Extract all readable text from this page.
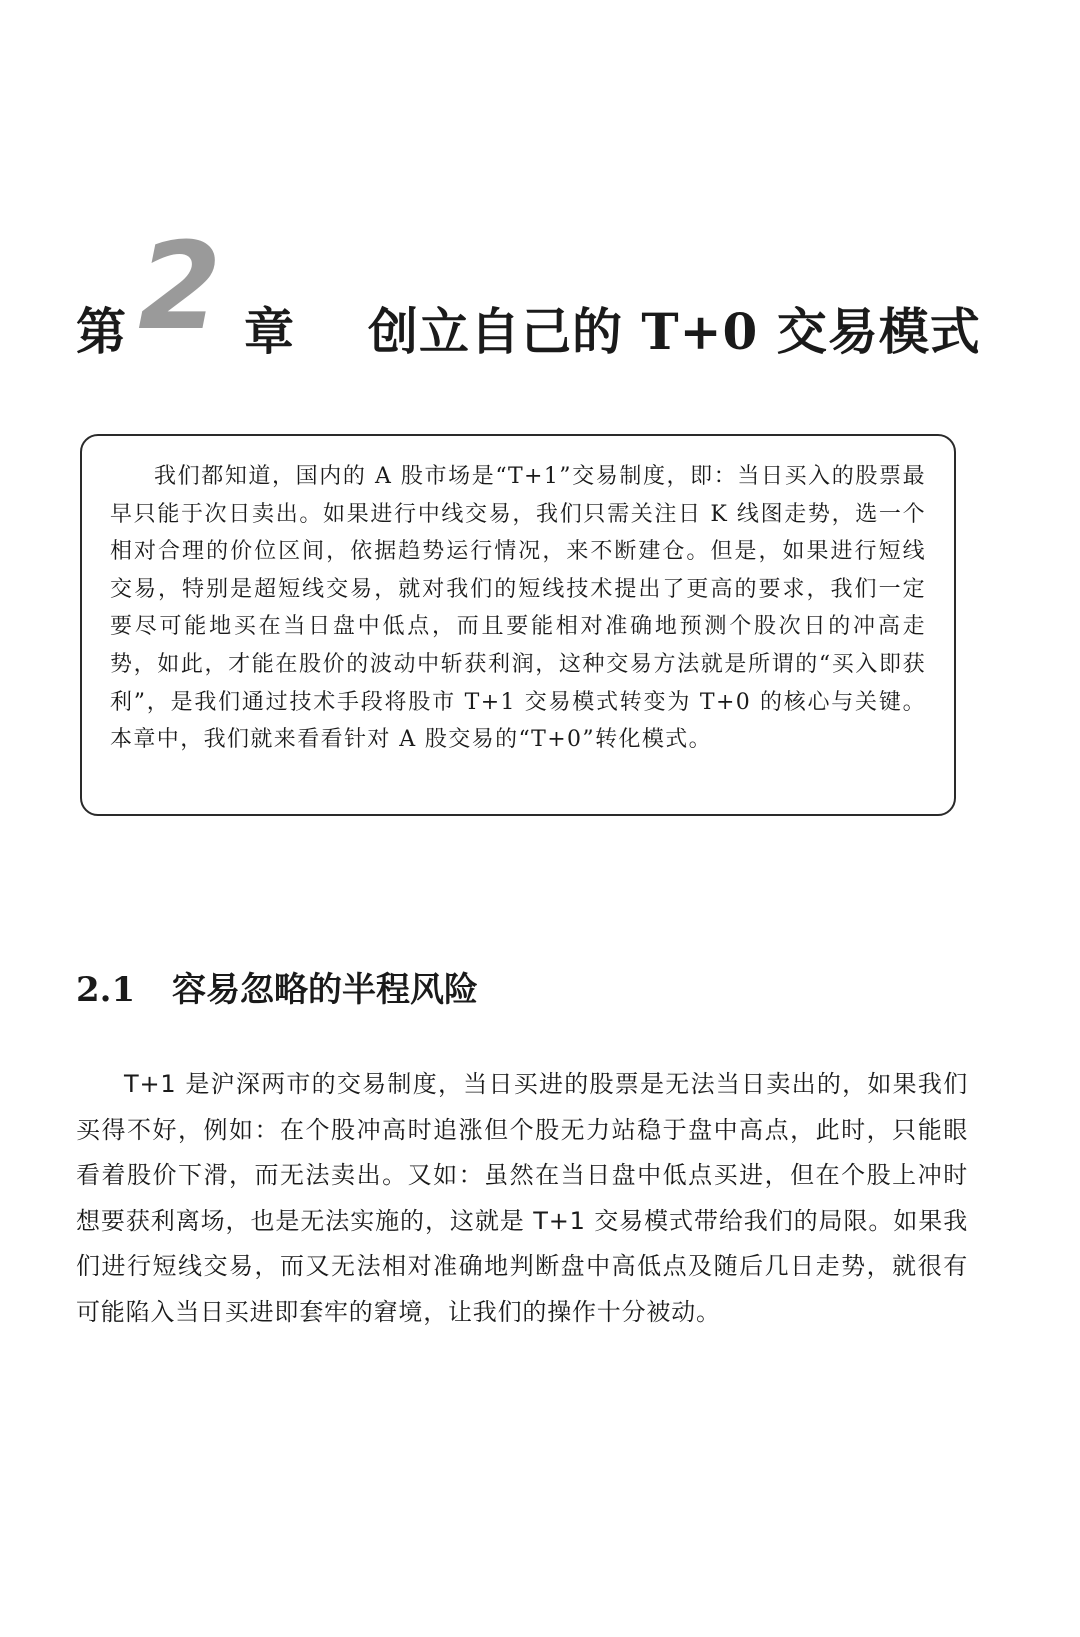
第 2 章 创立自己的 T+0 交易模式

我们都知道，国内的 A 股市场是“T+1”交易制度，即：当日买入的股票最早只能于次日卖出。如果进行中线交易，我们只需关注日 K 线图走势，选一个相对合理的价位区间，依据趋势运行情况，来不断建仓。但是，如果进行短线交易，特别是超短线交易，就对我们的短线技术提出了更高的要求，我们一定要尽可能地买在当日盘中低点，而且要能相对准确地预测个股次日的冲高走势，如此，才能在股价的波动中斩获利润，这种交易方法就是所谓的“买入即获利”，是我们通过技术手段将股市 T+1 交易模式转变为 T+0 的核心与关键。本章中，我们就来看看针对 A 股交易的“T+0”转化模式。

2.1 容易忽略的半程风险

T+1 是沪深两市的交易制度，当日买进的股票是无法当日卖出的，如果我们买得不好，例如：在个股冲高时追涨但个股无力站稳于盘中高点，此时，只能眼看着股价下滑，而无法卖出。又如：虽然在当日盘中低点买进，但在个股上冲时想要获利离场，也是无法实施的，这就是 T+1 交易模式带给我们的局限。如果我们进行短线交易，而又无法相对准确地判断盘中高低点及随后几日走势，就很有可能陷入当日买进即套牢的窘境，让我们的操作十分被动。
